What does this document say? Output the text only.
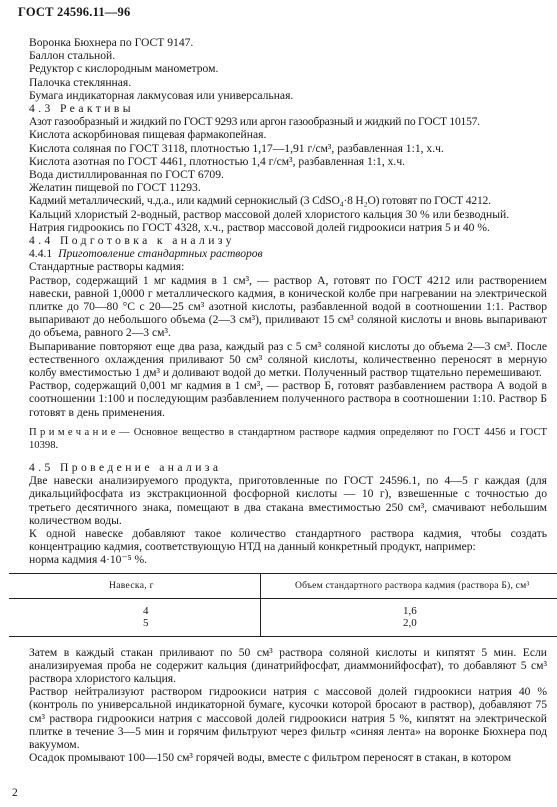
ГОСТ 24596.11—96
Воронка Бюхнера по ГОСТ 9147.
Баллон стальной.
Редуктор с кислородным манометром.
Палочка стеклянная.
Бумага индикаторная лакмусовая или универсальная.
4.3 Реактивы
Азот газообразный и жидкий по ГОСТ 9293 или аргон газообразный и жидкий по ГОСТ 10157.
Кислота аскорбиновая пищевая фармакопейная.
Кислота соляная по ГОСТ 3118, плотностью 1,17—1,91 г/см³, разбавленная 1:1, х.ч.
Кислота азотная по ГОСТ 4461, плотностью 1,4 г/см³, разбавленная 1:1, х.ч.
Вода дистиллированная по ГОСТ 6709.
Желатин пищевой по ГОСТ 11293.
Кадмий металлический, ч.д.а., или кадмий сернокислый (3 CdSO₄·8 H₂O) готовят по ГОСТ 4212.
Кальций хлористый 2-водный, раствор массовой долей хлористого кальция 30 % или безводный.
Натрия гидроокись по ГОСТ 4328, х.ч., раствор массовой долей гидроокиси натрия 5 и 40 %.
4.4 Подготовка к анализу
4.4.1 Приготовление стандартных растворов
Стандартные растворы кадмия:
Раствор, содержащий 1 мг кадмия в 1 см³, — раствор А, готовят по ГОСТ 4212 или растворением навески, равной 1,0000 г металлического кадмия, в конической колбе при нагревании на электрической плитке до 70—80 °С с 20—25 см³ азотной кислоты, разбавленной водой в соотношении 1:1. Раствор выпаривают до небольшого объема (2—3 см³), приливают 15 см³ соляной кислоты и вновь выпаривают до объема, равного 2—3 см³.
Выпаривание повторяют еще два раза, каждый раз с 5 см³ соляной кислоты до объема 2—3 см³. После естественного охлаждения приливают 50 см³ соляной кислоты, количественно переносят в мерную колбу вместимостью 1 дм³ и доливают водой до метки. Полученный раствор тщательно перемешивают.
Раствор, содержащий 0,001 мг кадмия в 1 см³, — раствор Б, готовят разбавлением раствора А водой в соотношении 1:100 и последующим разбавлением полученного раствора в соотношении 1:10. Раствор Б готовят в день применения.
Примечание— Основное вещество в стандартном растворе кадмия определяют по ГОСТ 4456 и ГОСТ 10398.
4.5 Проведение анализа
Две навески анализируемого продукта, приготовленные по ГОСТ 24596.1, по 4—5 г каждая (для дикальцийфосфата из экстракционной фосфорной кислоты — 10 г), взвешенные с точностью до третьего десятичного знака, помещают в два стакана вместимостью 250 см³, смачивают небольшим количеством воды.
К одной навеске добавляют такое количество стандартного раствора кадмия, чтобы создать концентрацию кадмия, соответствующую НТД на данный конкретный продукт, например:
норма кадмия 4·10⁻⁵ %.
Навеска, г	Объем стандартного раствора кадмия (раствора Б), см³
4	1,6
5	2,0
Затем в каждый стакан приливают по 50 см³ раствора соляной кислоты и кипятят 5 мин. Если анализируемая проба не содержит кальция (динатрийфосфат, диаммонийфосфат), то добавляют 5 см³ раствора хлористого кальция.
Раствор нейтрализуют раствором гидроокиси натрия с массовой долей гидроокиси натрия 40 % (контроль по универсальной индикаторной бумаге, кусочки которой бросают в раствор), добавляют 75 см³ раствора гидроокиси натрия с массовой долей гидроокиси натрия 5 %, кипятят на электрической плитке в течение 3—5 мин и горячим фильтруют через фильтр «синяя лента» на воронке Бюхнера под вакуумом.
Осадок промывают 100—150 см³ горячей воды, вместе с фильтром переносят в стакан, в котором
2
